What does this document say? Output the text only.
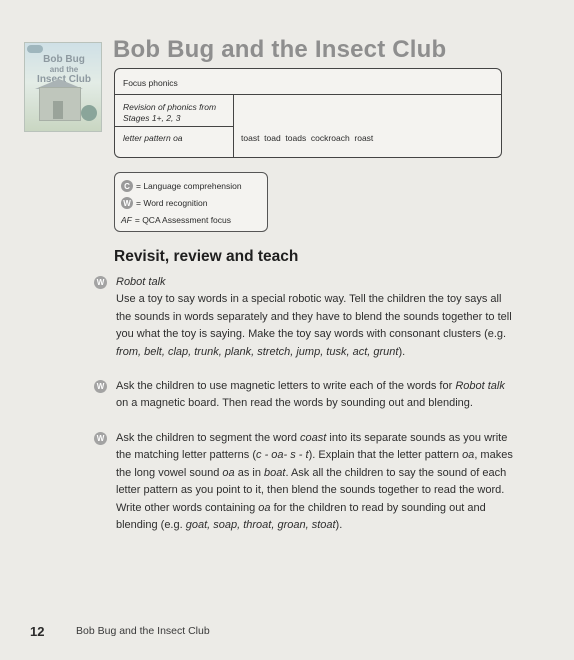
Bob Bug
and the
Insect Club
Bob Bug and the Insect Club
Focus phonics
Revision of phonics from Stages 1+, 2, 3
letter pattern oa	toast  toad  toads  cockroach  roast
C = Language comprehension
W = Word recognition
AF = QCA Assessment focus
Revisit, review and teach
W Robot talk

Use a toy to say words in a special robotic way. Tell the children the toy says all the sounds in words separately and they have to blend the sounds together to tell you what the toy is saying. Make the toy say words with consonant clusters (e.g. from, belt, clap, trunk, plank, stretch, jump, tusk, act, grunt).

W Ask the children to use magnetic letters to write each of the words for Robot talk on a magnetic board. Then read the words by sounding out and blending.

W Ask the children to segment the word coast into its separate sounds as you write the matching letter patterns (c - oa- s - t). Explain that the letter pattern oa, makes the long vowel sound oa as in boat. Ask all the children to say the sound of each letter pattern as you point to it, then blend the sounds together to read the word. Write other words containing oa for the children to read by sounding out and blending (e.g. goat, soap, throat, groan, stoat).

12	Bob Bug and the Insect Club
